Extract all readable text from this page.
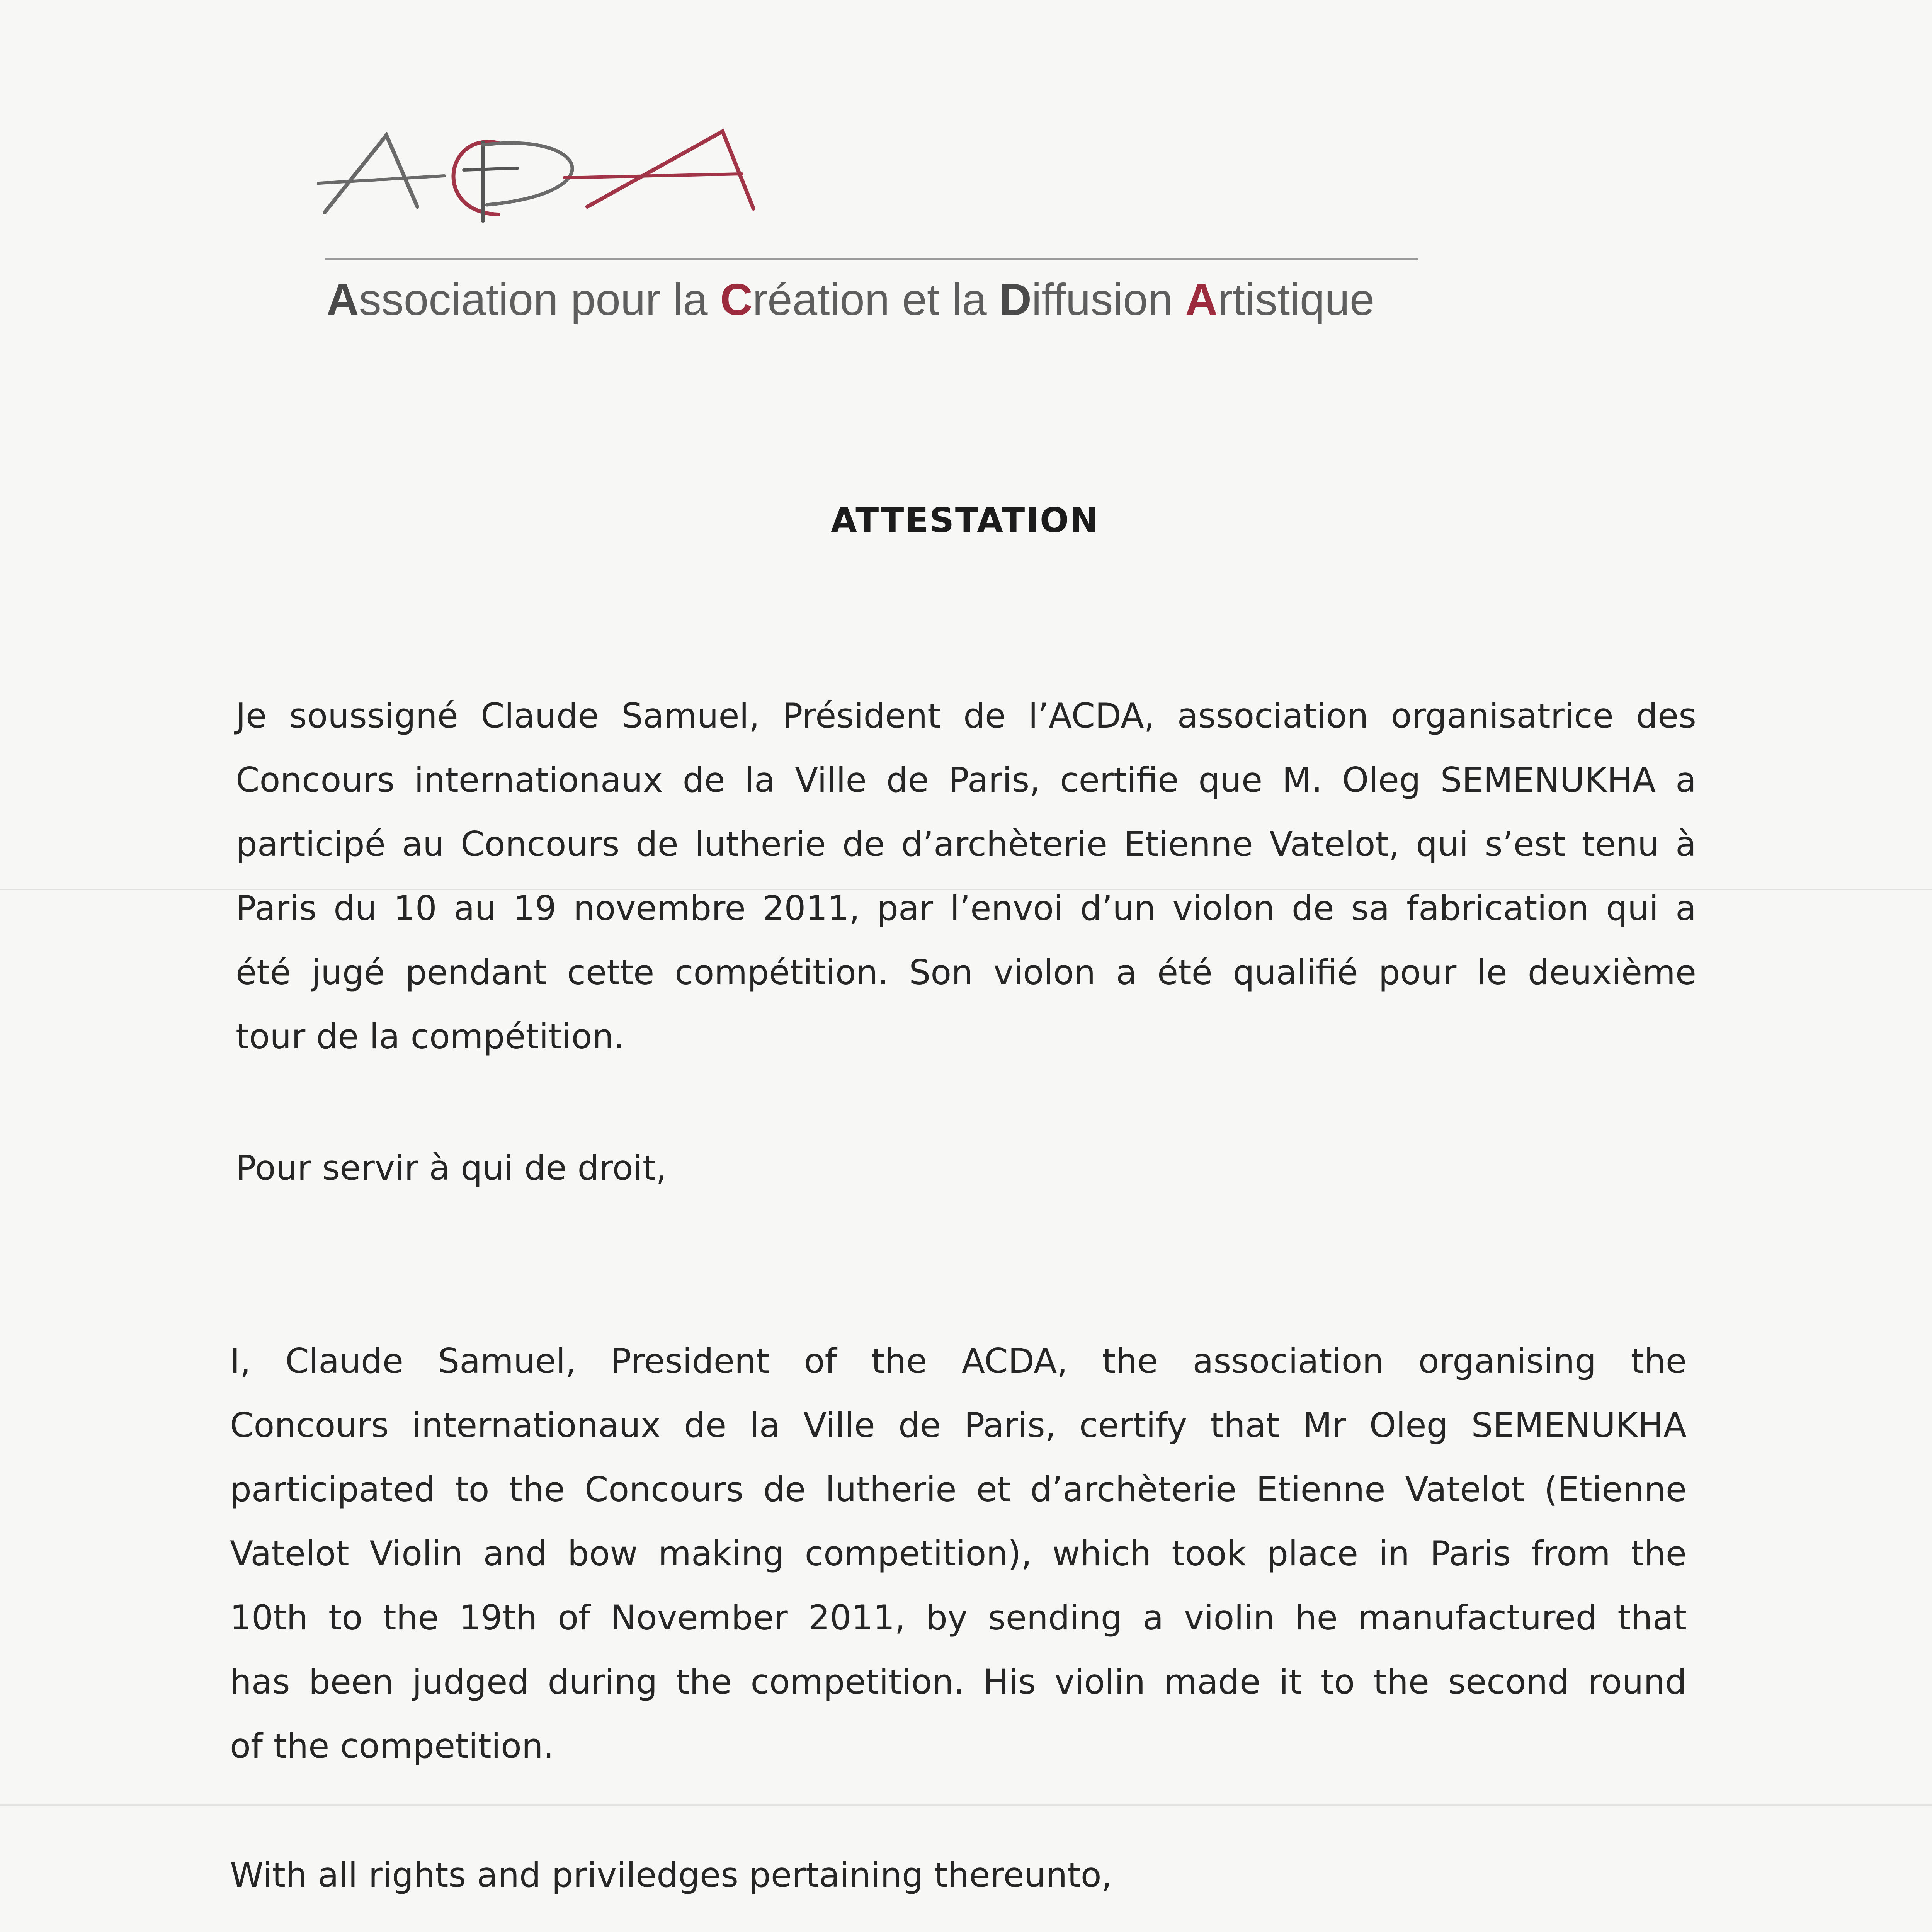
Association pour la Création et la Diffusion Artistique
ATTESTATION
Je soussigné Claude Samuel, Président de l’ACDA, association organisatrice des
Concours internationaux de la Ville de Paris, certifie que M. Oleg SEMENUKHA a
participé au Concours de lutherie de d’archèterie Etienne Vatelot, qui s’est tenu à
Paris du 10 au 19 novembre 2011, par l’envoi d’un violon de sa fabrication qui a
été jugé pendant cette compétition. Son violon a été qualifié pour le deuxième
tour de la compétition.
Pour servir à qui de droit,
I, Claude Samuel, President of the ACDA, the association organising the
Concours internationaux de la Ville de Paris, certify that Mr Oleg SEMENUKHA
participated to the Concours de lutherie et d’archèterie Etienne Vatelot (Etienne
Vatelot Violin and bow making competition), which took place in Paris from the
10th to the 19th of November 2011, by sending a violin he manufactured that
has been judged during the competition. His violin made it to the second round
of the competition.
With all rights and priviledges pertaining thereunto,
